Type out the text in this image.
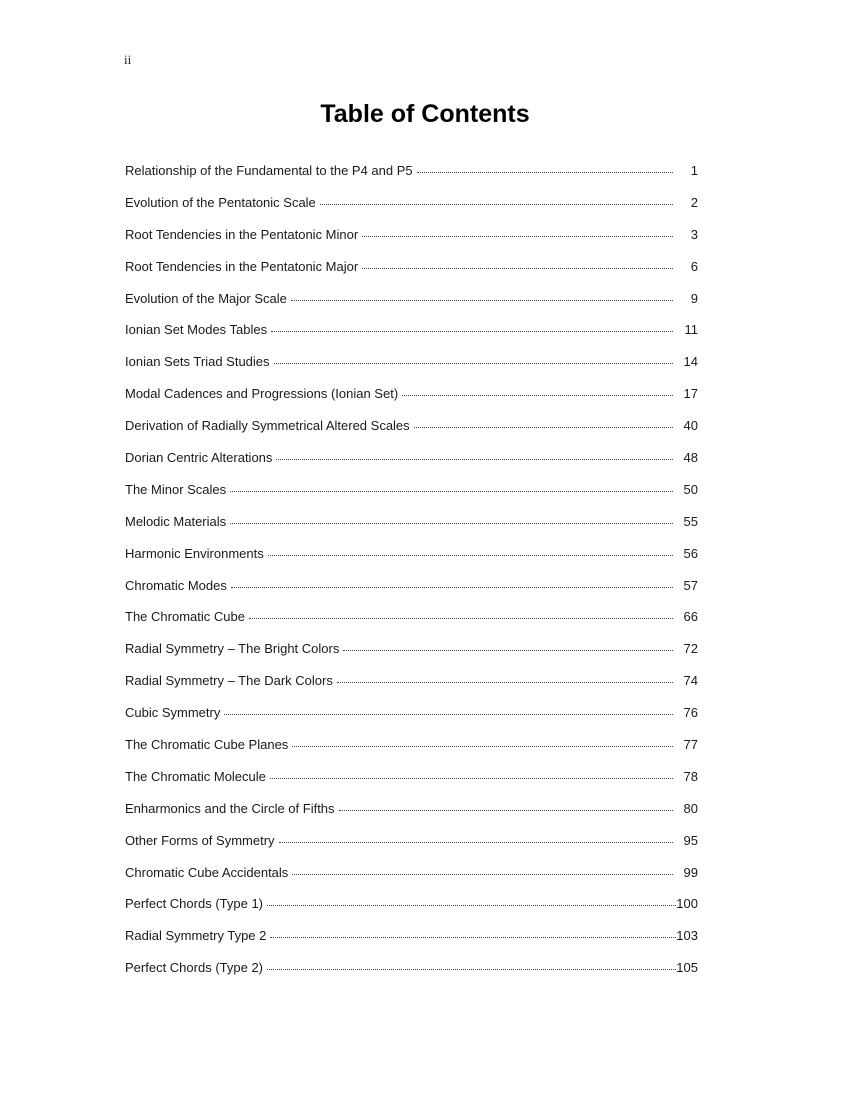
ii
Table of Contents
Relationship of the Fundamental to the P4 and P5	1
Evolution of the Pentatonic Scale	2
Root Tendencies in the Pentatonic Minor	3
Root Tendencies in the Pentatonic Major	6
Evolution of the Major Scale	9
Ionian Set Modes Tables	11
Ionian Sets Triad Studies	14
Modal Cadences and Progressions (Ionian Set)	17
Derivation of Radially Symmetrical Altered Scales	40
Dorian Centric Alterations	48
The Minor Scales	50
Melodic Materials	55
Harmonic Environments	56
Chromatic Modes	57
The Chromatic Cube	66
Radial Symmetry – The Bright Colors	72
Radial Symmetry – The Dark Colors	74
Cubic Symmetry	76
The Chromatic Cube Planes	77
The Chromatic Molecule	78
Enharmonics and the Circle of Fifths	80
Other Forms of Symmetry	95
Chromatic Cube Accidentals	99
Perfect Chords (Type 1)	100
Radial Symmetry Type 2	103
Perfect Chords (Type 2)	105
